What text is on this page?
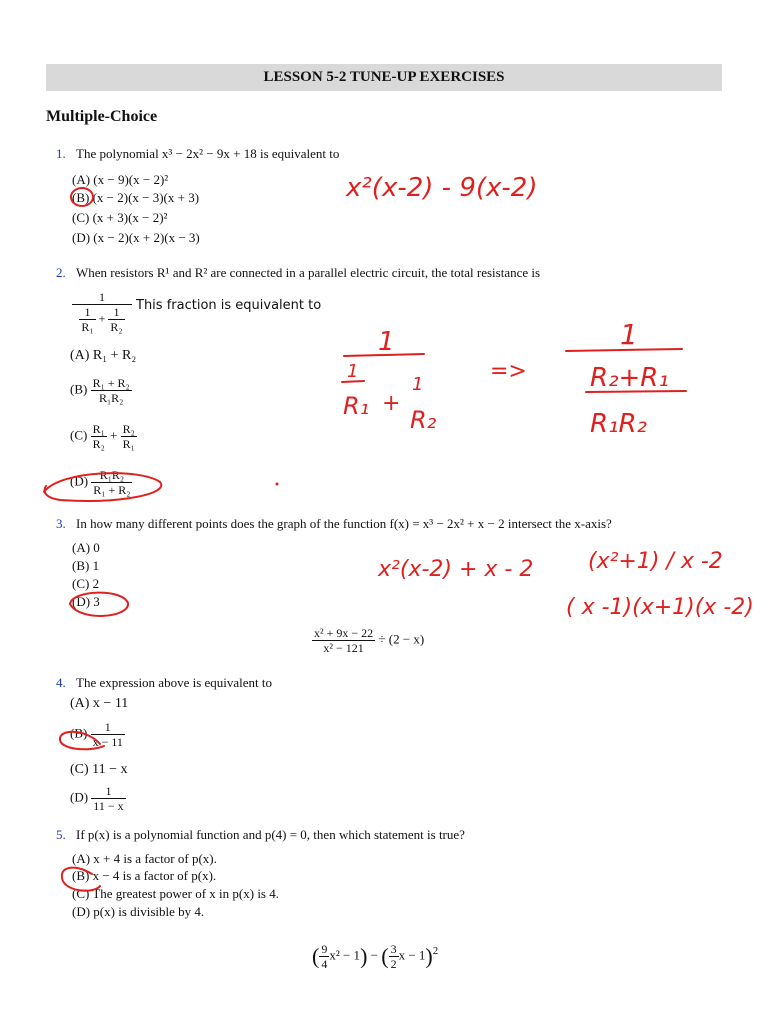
LESSON 5-2 TUNE-UP EXERCISES
Multiple-Choice
1. The polynomial x³ − 2x² − 9x + 18 is equivalent to
(A) (x − 9)(x − 2)²
(B) (x − 2)(x − 3)(x + 3)
(C) (x + 3)(x − 2)²
(D) (x − 2)(x + 2)(x − 3)
2. When resistors R¹ and R² are connected in a parallel electric circuit, the total resistance is
$\frac{1}{\frac{1}{\text{R₁}} + \frac{1}{\text{R₂}}}$ This fraction is equivalent to
(A) R₁ + R₂
$(B) \frac{\text{R₁ + R₂}}{\text{R₁R₂}}$
$(C) \frac{\text{R₁}}{\text{R₂}} + \frac{\text{R₂}}{\text{R₁}}$
$(D) \frac{\text{R₁R₂}}{\text{R₁ + R₂}}$
3. In how many different points does the graph of the function f(x) = x³ − 2x² + x − 2 intersect the x-axis?
(A) 0
(B) 1
(C) 2
(D) 3
$\frac{\text{x² + 9x − 22}}{\text{x² − 121}} \div (2 - x)$
4. The expression above is equivalent to
(A) x − 11
$(B) \frac{1}{x - 11}$
(C) 11 − x
$(D) \frac{1}{11 - x}$
5. If p(x) is a polynomial function and p(4) = 0, then which statement is true?
(A) x + 4 is a factor of p(x).
(B) x − 4 is a factor of p(x).
(C) The greatest power of x in p(x) is 4.
(D) p(x) is divisible by 4.
( $\frac{9}{4} x^2 - 1$) − ( $\frac{3}{2}$ x − 1)$^2$
x²(x-2) - 9(x-2)
1
1
R₁ +
1
R₂
=>
1
R₂+R₁
R₁R₂
x²(x-2) + x - 2 (x²+1) / x -2
( x -1)(x+1)(x -2)
